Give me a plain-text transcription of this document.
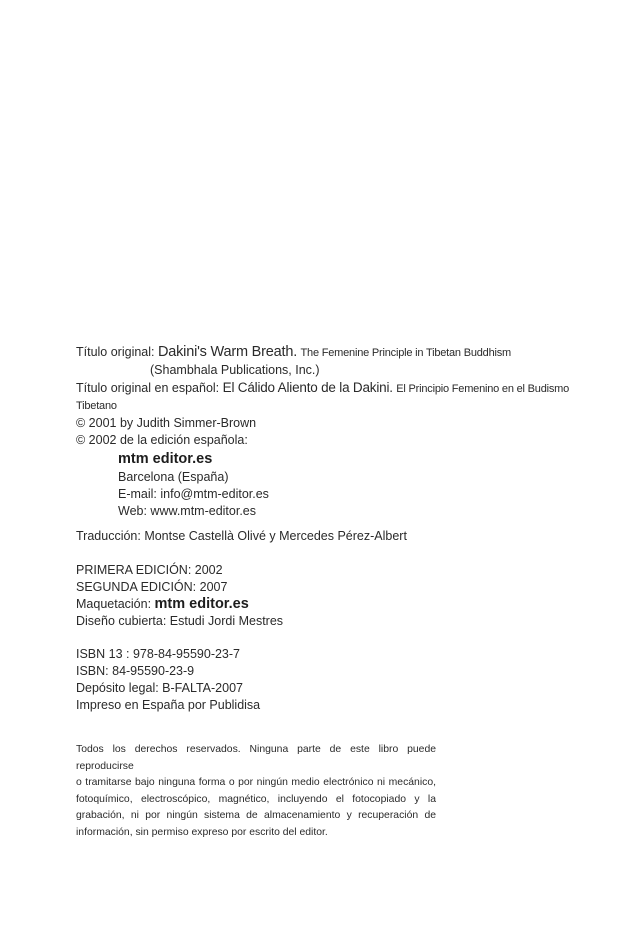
Título original: Dakini's Warm Breath. The Femenine Principle in Tibetan Buddhism
(Shambhala Publications, Inc.)
Título original en español: El Cálido Aliento de la Dakini. El Principio Femenino en el Budismo
Tibetano
© 2001 by Judith Simmer-Brown
© 2002 de la edición española:
mtm editor.es
Barcelona (España)
E-mail: info@mtm-editor.es
Web: www.mtm-editor.es
Traducción: Montse Castellà Olivé y Mercedes Pérez-Albert
PRIMERA EDICIÓN: 2002
SEGUNDA EDICIÓN: 2007
Maquetación: mtm editor.es
Diseño cubierta: Estudi Jordi Mestres
ISBN 13 : 978-84-95590-23-7
ISBN: 84-95590-23-9
Depósito legal: B-FALTA-2007
Impreso en España por Publidisa
Todos los derechos reservados. Ninguna parte de este libro puede reproducirse
o tramitarse bajo ninguna forma o por ningún medio electrónico ni mecánico,
fotoquímico, electroscópico, magnético, incluyendo el fotocopiado y la
grabación, ni por ningún sistema de almacenamiento y recuperación de
información, sin permiso expreso por escrito del editor.
